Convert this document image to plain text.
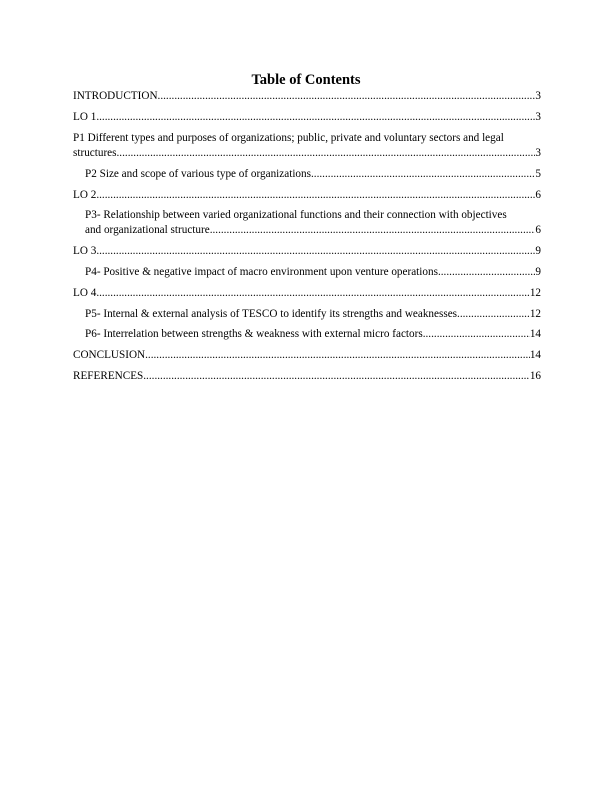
Table of Contents
INTRODUCTION .....	3
LO 1 .....	3
P1 Different types and purposes of organizations; public, private and voluntary sectors and legal
structures .....	3
P2 Size and scope of various type of organizations .....	5
LO 2 .....	6
P3- Relationship between varied organizational functions and their connection with objectives
and organizational structure .....	6
LO 3 .....	9
P4- Positive & negative impact of macro environment upon venture operations .....	9
LO 4 .....	12
P5- Internal & external analysis of TESCO to identify its strengths and weaknesses .....	12
P6- Interrelation between strengths & weakness with external micro factors .....	14
CONCLUSION .....	14
REFERENCES .....	16
